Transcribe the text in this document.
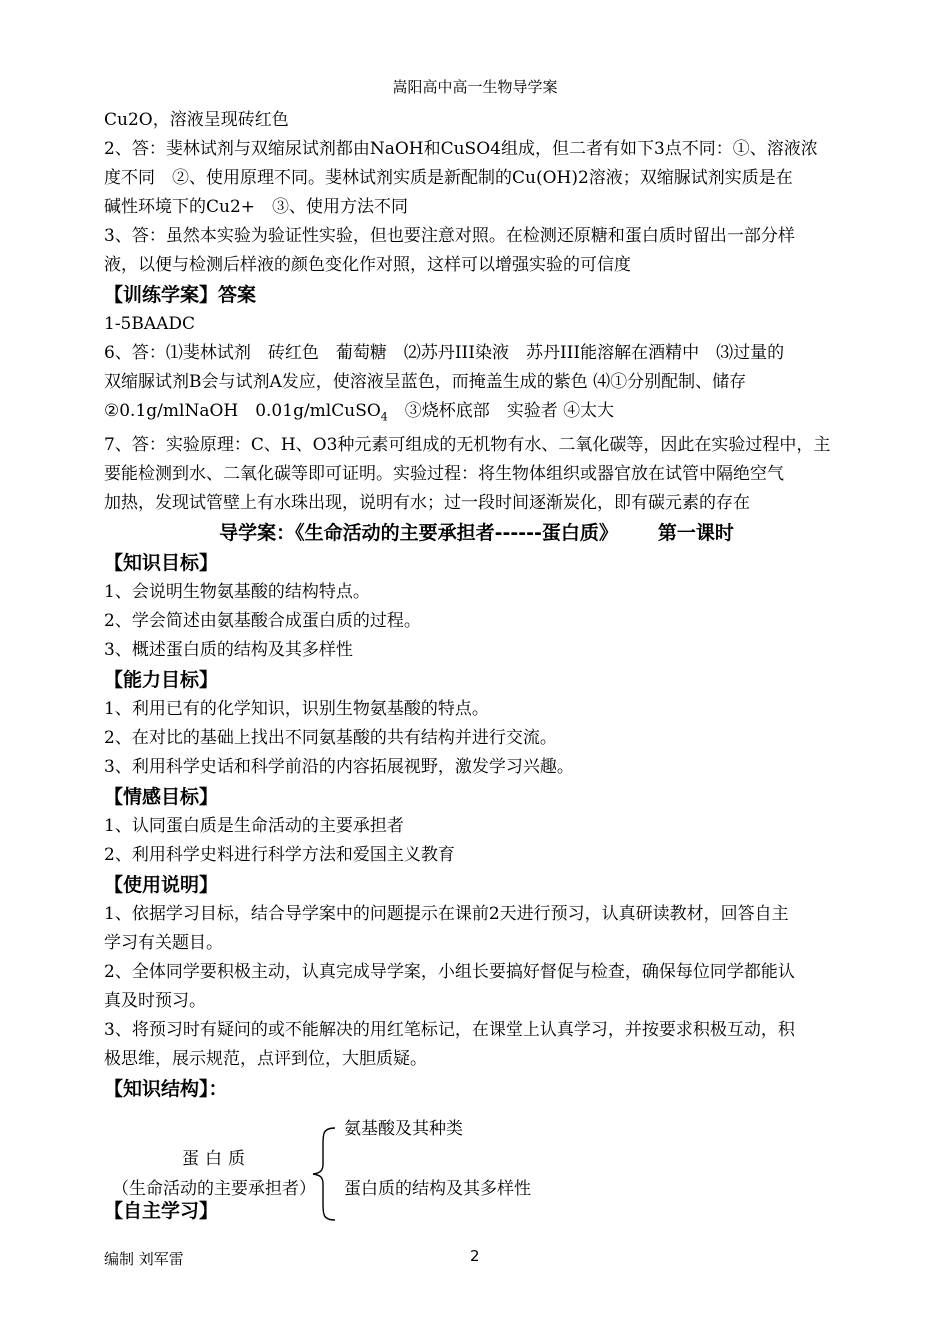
嵩阳高中高一生物导学案
Cu2O，溶液呈现砖红色
2、答：斐林试剂与双缩尿试剂都由NaOH和CuSO4组成，但二者有如下3点不同：①、溶液浓
度不同　②、使用原理不同。斐林试剂实质是新配制的Cu(OH)2溶液；双缩脲试剂实质是在
碱性环境下的Cu2+　③、使用方法不同
3、答：虽然本实验为验证性实验，但也要注意对照。在检测还原糖和蛋白质时留出一部分样
液，以便与检测后样液的颜色变化作对照，这样可以增强实验的可信度
【训练学案】答案
1-5BAADC
6、答：⑴斐林试剂　砖红色　葡萄糖　⑵苏丹III染液　苏丹III能溶解在酒精中　⑶过量的
双缩脲试剂B会与试剂A发应，使溶液呈蓝色，而掩盖生成的紫色 ⑷①分别配制、储存
②0.1g/mlNaOH　0.01g/mlCuSO$_4$　③烧杯底部　实验者 ④太大
7、答：实验原理：C、H、O3种元素可组成的无机物有水、二氧化碳等，因此在实验过程中，主
要能检测到水、二氧化碳等即可证明。实验过程：将生物体组织或器官放在试管中隔绝空气
加热，发现试管壁上有水珠出现，说明有水；过一段时间逐渐炭化，即有碳元素的存在
导学案：《生命活动的主要承担者------蛋白质》 第一课时
【知识目标】
1、会说明生物氨基酸的结构特点。
2、学会简述由氨基酸合成蛋白质的过程。
3、概述蛋白质的结构及其多样性
【能力目标】
1、利用已有的化学知识，识别生物氨基酸的特点。
2、在对比的基础上找出不同氨基酸的共有结构并进行交流。
3、利用科学史话和科学前沿的内容拓展视野，激发学习兴趣。
【情感目标】
1、认同蛋白质是生命活动的主要承担者
2、利用科学史料进行科学方法和爱国主义教育
【使用说明】
1、依据学习目标，结合导学案中的问题提示在课前2天进行预习，认真研读教材，回答自主
学习有关题目。
2、全体同学要积极主动，认真完成导学案，小组长要搞好督促与检查，确保每位同学都能认
真及时预习。
3、将预习时有疑问的或不能解决的用红笔标记，在课堂上认真学习，并按要求积极互动，积
极思维，展示规范，点评到位，大胆质疑。
【知识结构】：
蛋白质
（生命活动的主要承担者）
氨基酸及其种类
蛋白质的结构及其多样性
【自主学习】
编制 刘军雷	2
